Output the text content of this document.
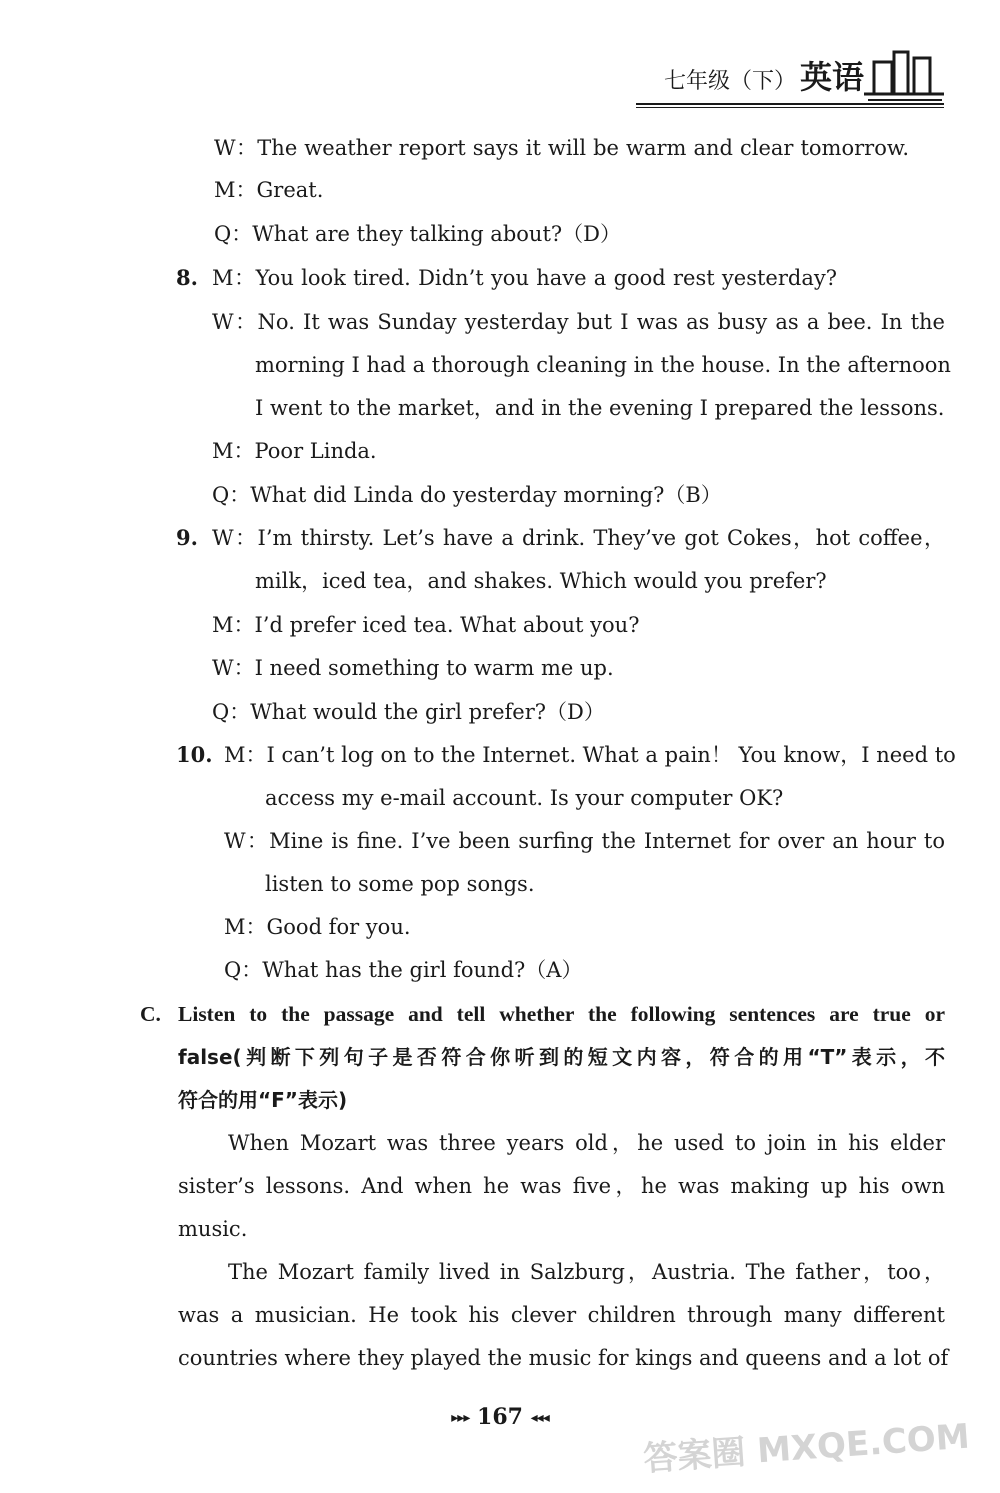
七年级（下） 英语
W：The weather report says it will be warm and clear tomorrow.
M：Great.
Q：What are they talking about?（D）
8. M：You look tired. Didn’t you have a good rest yesterday?
W：No. It was Sunday yesterday but I was as busy as a bee. In the
morning I had a thorough cleaning in the house. In the afternoon
I went to the market，and in the evening I prepared the lessons.
M：Poor Linda.
Q：What did Linda do yesterday morning?（B）
9. W：I’m thirsty. Let’s have a drink. They’ve got Cokes，hot coffee，
milk，iced tea，and shakes. Which would you prefer?
M：I’d prefer iced tea. What about you?
W：I need something to warm me up.
Q：What would the girl prefer?（D）
10. M：I can’t log on to the Internet. What a pain！ You know，I need to
access my e-mail account. Is your computer OK?
W：Mine is fine. I’ve been surfing the Internet for over an hour to
listen to some pop songs.
M：Good for you.
Q：What has the girl found?（A）
C. Listen to the passage and tell whether the following sentences are true or
false(判断下列句子是否符合你听到的短文内容，符合的用“T”表示，不
符合的用“F”表示)
When Mozart was three years old，he used to join in his elder
sister’s lessons. And when he was five，he was making up his own
music.
The Mozart family lived in Salzburg，Austria. The father，too，
was a musician. He took his clever children through many different
countries where they played the music for kings and queens and a lot of
▸▸▸ 167 ◂◂◂	答案圈 MXQE.COM
